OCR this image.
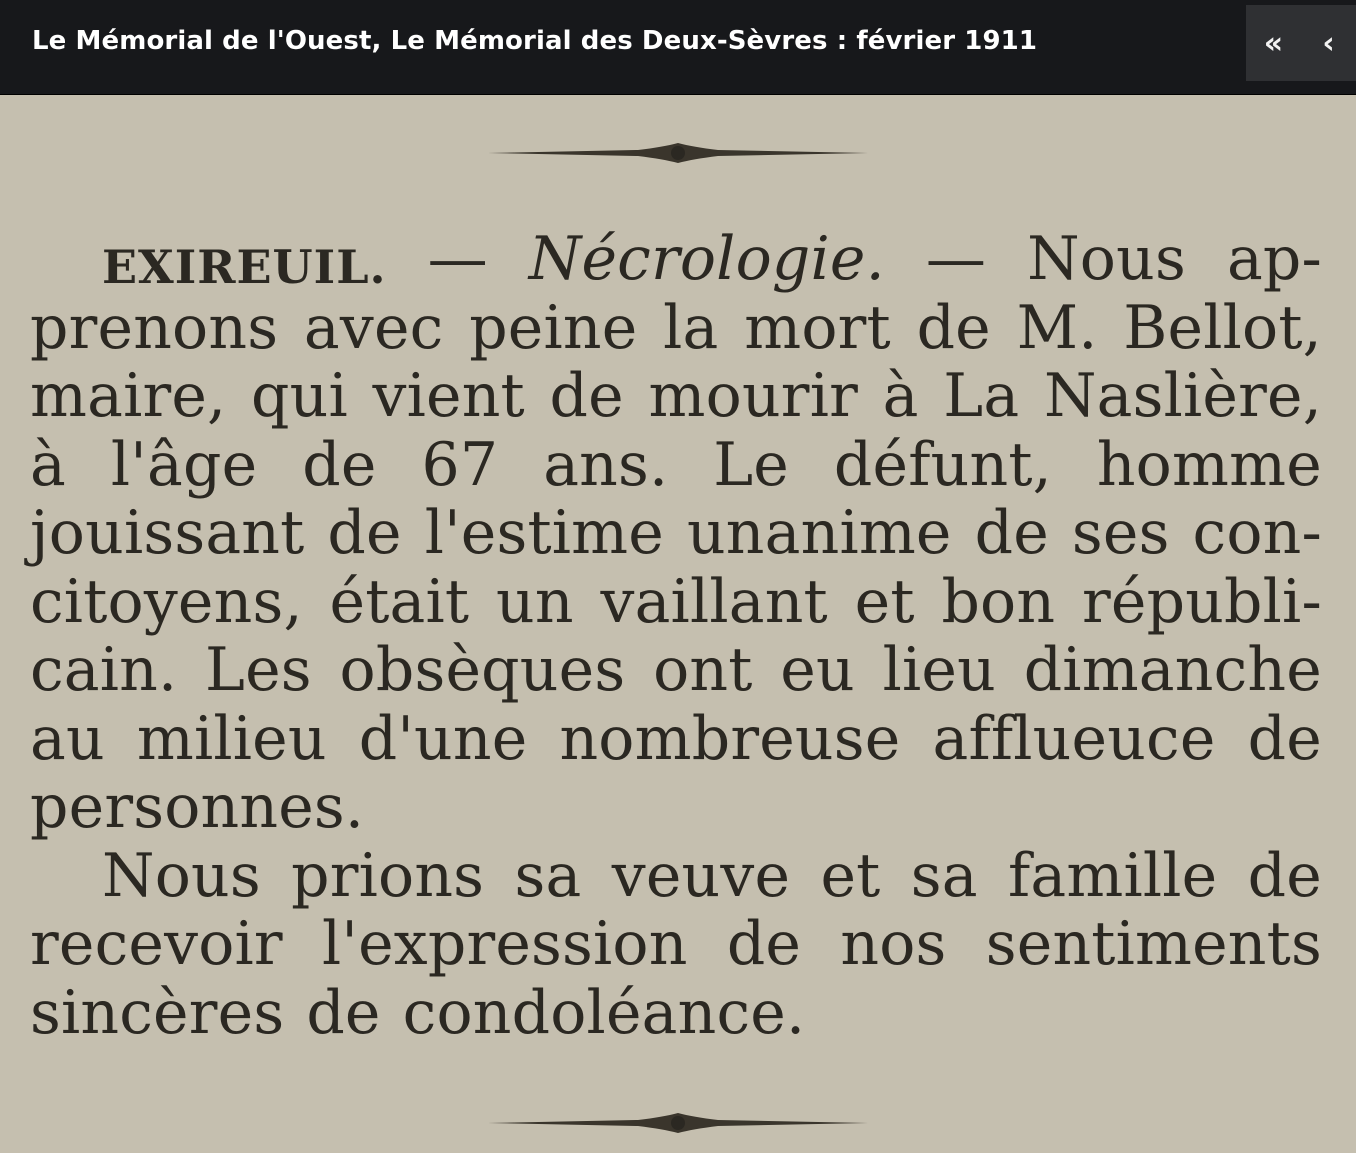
Le Mémorial de l'Ouest, Le Mémorial des Deux-Sèvres : février 1911	«	‹

EXIREUIL. — Nécrologie. — Nous ap-
prenons avec peine la mort de M. Bellot,
maire, qui vient de mourir à La Naslière,
à l'âge de 67 ans. Le défunt, homme
jouissant de l'estime unanime de ses con-
citoyens, était un vaillant et bon républi-
cain. Les obsèques ont eu lieu dimanche
au milieu d'une nombreuse afflueuce de
personnes.
Nous prions sa veuve et sa famille de
recevoir l'expression de nos sentiments
sincères de condoléance.
